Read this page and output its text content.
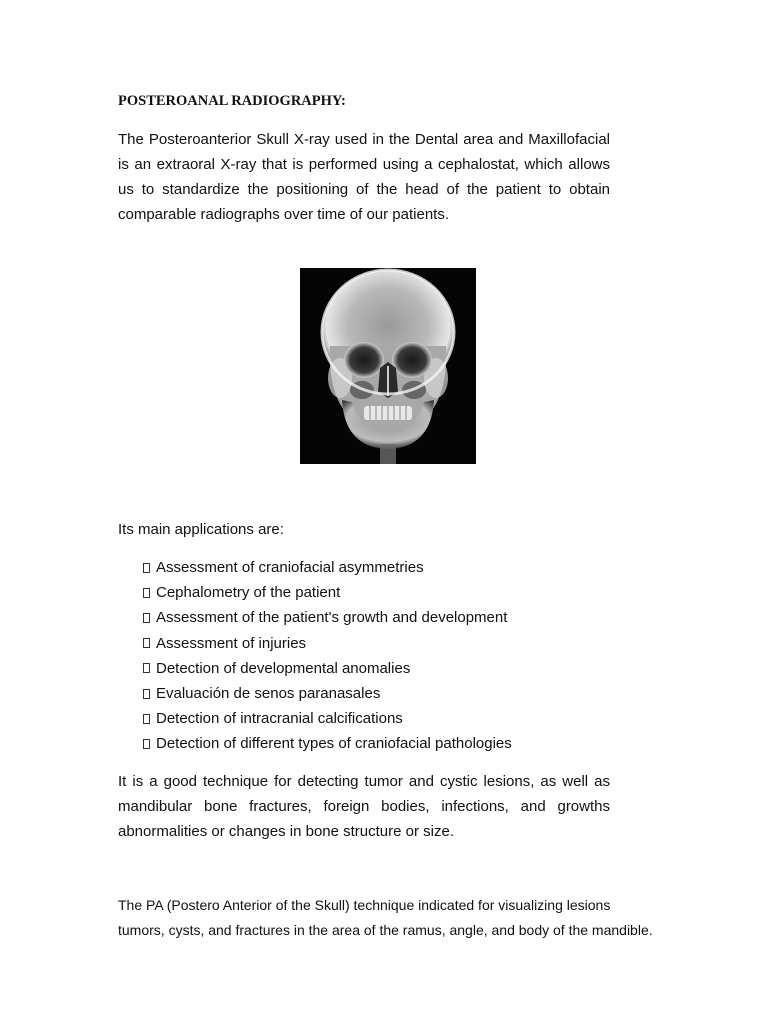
POSTEROANAL RADIOGRAPHY:

The Posteroanterior Skull X-ray used in the Dental area and Maxillofacial is an extraoral X-ray that is performed using a cephalostat, which allows us to standardize the positioning of the head of the patient to obtain comparable radiographs over time of our patients.

Its main applications are:

Assessment of craniofacial asymmetries
Cephalometry of the patient
Assessment of the patient's growth and development
Assessment of injuries
Detection of developmental anomalies
Evaluación de senos paranasales
Detection of intracranial calcifications
Detection of different types of craniofacial pathologies

It is a good technique for detecting tumor and cystic lesions, as well as mandibular bone fractures, foreign bodies, infections, and growths abnormalities or changes in bone structure or size.

The PA (Postero Anterior of the Skull) technique indicated for visualizing lesions tumors, cysts, and fractures in the area of the ramus, angle, and body of the mandible.
